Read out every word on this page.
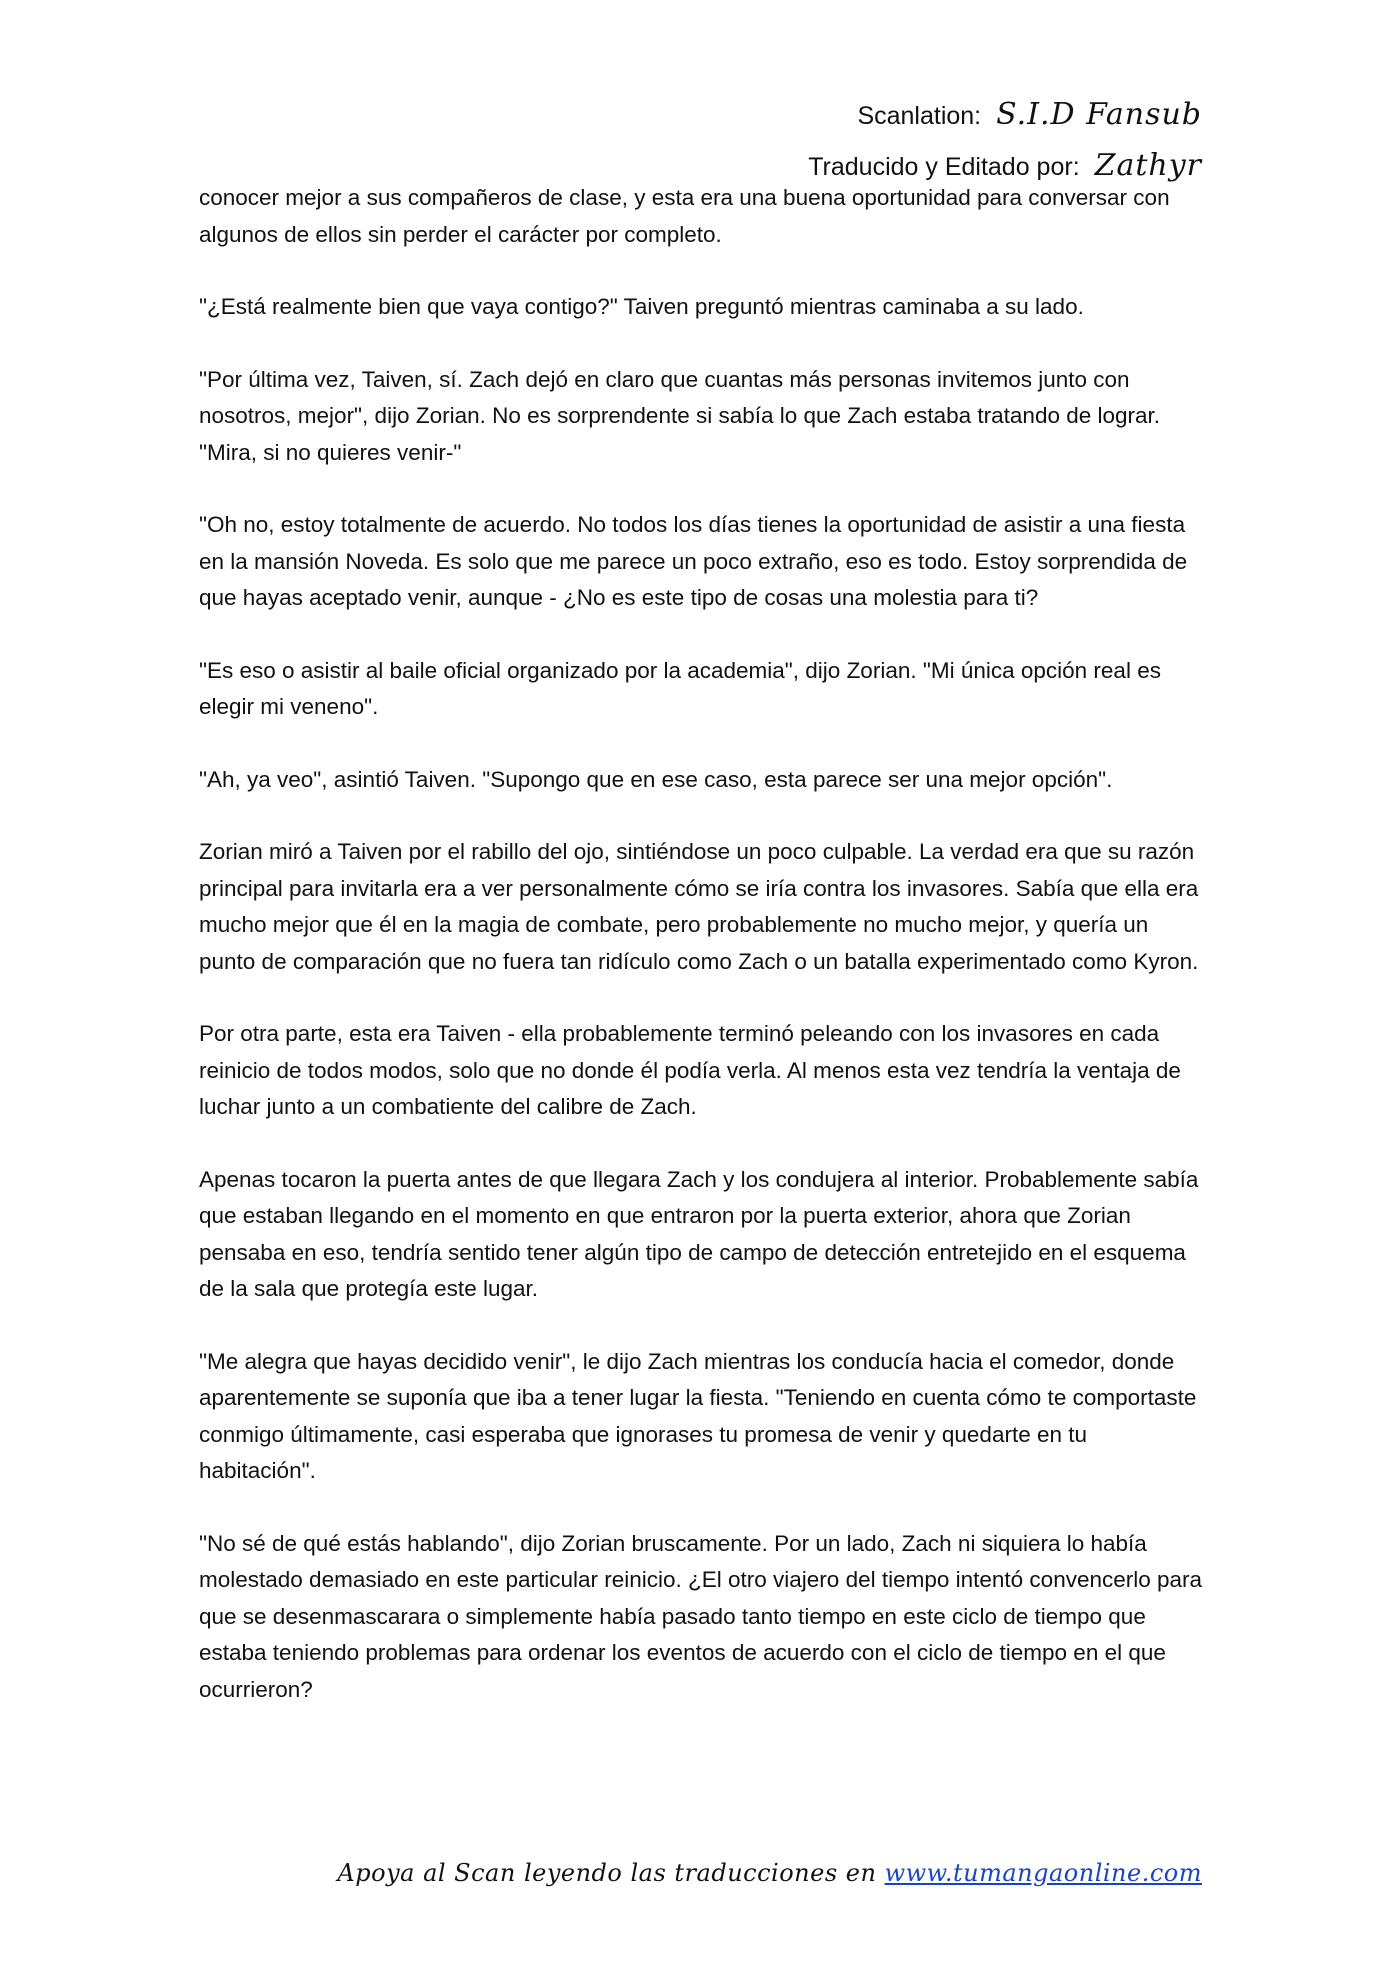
Scanlation: S.I.D Fansub
Traducido y Editado por: Zathyr

conocer mejor a sus compañeros de clase, y esta era una buena oportunidad para conversar con algunos de ellos sin perder el carácter por completo.

"¿Está realmente bien que vaya contigo?" Taiven preguntó mientras caminaba a su lado.

"Por última vez, Taiven, sí. Zach dejó en claro que cuantas más personas invitemos junto con nosotros, mejor", dijo Zorian. No es sorprendente si sabía lo que Zach estaba tratando de lograr. "Mira, si no quieres venir-"

"Oh no, estoy totalmente de acuerdo. No todos los días tienes la oportunidad de asistir a una fiesta en la mansión Noveda. Es solo que me parece un poco extraño, eso es todo. Estoy sorprendida de que hayas aceptado venir, aunque - ¿No es este tipo de cosas una molestia para ti?

"Es eso o asistir al baile oficial organizado por la academia", dijo Zorian. "Mi única opción real es elegir mi veneno".

"Ah, ya veo", asintió Taiven. "Supongo que en ese caso, esta parece ser una mejor opción".

Zorian miró a Taiven por el rabillo del ojo, sintiéndose un poco culpable. La verdad era que su razón principal para invitarla era a ver personalmente cómo se iría contra los invasores. Sabía que ella era mucho mejor que él en la magia de combate, pero probablemente no mucho mejor, y quería un punto de comparación que no fuera tan ridículo como Zach o un batalla experimentado como Kyron.

Por otra parte, esta era Taiven - ella probablemente terminó peleando con los invasores en cada reinicio de todos modos, solo que no donde él podía verla. Al menos esta vez tendría la ventaja de luchar junto a un combatiente del calibre de Zach.

Apenas tocaron la puerta antes de que llegara Zach y los condujera al interior. Probablemente sabía que estaban llegando en el momento en que entraron por la puerta exterior, ahora que Zorian pensaba en eso, tendría sentido tener algún tipo de campo de detección entretejido en el esquema de la sala que protegía este lugar.

"Me alegra que hayas decidido venir", le dijo Zach mientras los conducía hacia el comedor, donde aparentemente se suponía que iba a tener lugar la fiesta. "Teniendo en cuenta cómo te comportaste conmigo últimamente, casi esperaba que ignorases tu promesa de venir y quedarte en tu habitación".

"No sé de qué estás hablando", dijo Zorian bruscamente. Por un lado, Zach ni siquiera lo había molestado demasiado en este particular reinicio. ¿El otro viajero del tiempo intentó convencerlo para que se desenmascarara o simplemente había pasado tanto tiempo en este ciclo de tiempo que estaba teniendo problemas para ordenar los eventos de acuerdo con el ciclo de tiempo en el que ocurrieron?

Apoya al Scan leyendo las traducciones en www.tumangaonline.com
